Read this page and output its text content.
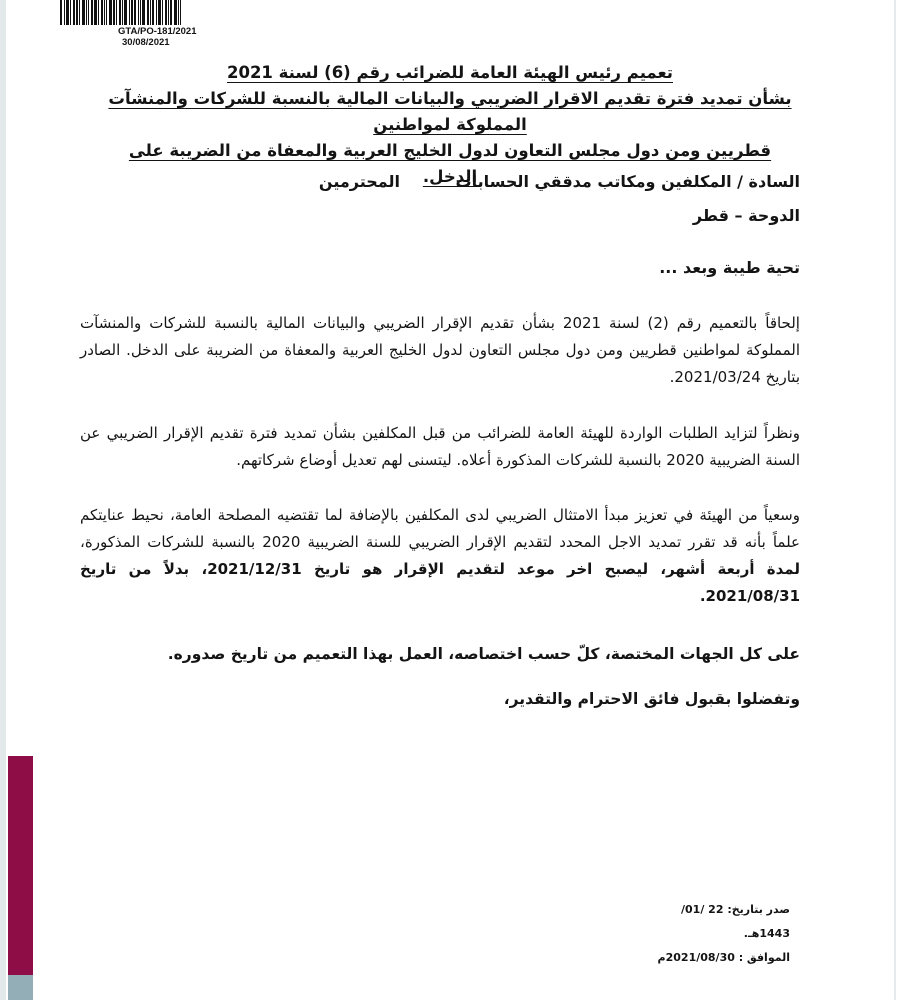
GTA/PO-181/2021
30/08/2021
تعميم رئيس الهيئة العامة للضرائب رقم (6) لسنة 2021
بشأن تمديد فترة تقديم الاقرار الضريبي والبيانات المالية بالنسبة للشركات والمنشآت المملوكة لمواطنين
قطريين ومن دول مجلس التعاون لدول الخليج العربية والمعفاة من الضريبة على الدخل.
السادة / المكلفين ومكاتب مدققي الحسابات
المحترمين
الدوحة – قطر
تحية طيبة وبعد ...
إلحاقاً بالتعميم رقم (2) لسنة 2021 بشأن تقديم الإقرار الضريبي والبيانات المالية بالنسبة للشركات والمنشآت المملوكة لمواطنين قطريين ومن دول مجلس التعاون لدول الخليج العربية والمعفاة من الضريبة على الدخل. الصادر بتاريخ 2021/03/24.
ونظراً لتزايد الطلبات الواردة للهيئة العامة للضرائب من قبل المكلفين بشأن تمديد فترة تقديم الإقرار الضريبي عن السنة الضريبية 2020 بالنسبة للشركات المذكورة أعلاه. ليتسنى لهم تعديل أوضاع شركاتهم.
وسعياً من الهيئة في تعزيز مبدأ الامتثال الضريبي لدى المكلفين بالإضافة لما تقتضيه المصلحة العامة، نحيط عنايتكم علماً بأنه قد تقرر تمديد الاجل المحدد لتقديم الإقرار الضريبي للسنة الضريبية 2020 بالنسبة للشركات المذكورة، لمدة أربعة أشهر، ليصبح اخر موعد لتقديم الإقرار هو تاريخ 2021/12/31، بدلاً من تاريخ 2021/08/31.
على كل الجهات المختصة، كلّ حسب اختصاصه، العمل بهذا التعميم من تاريخ صدوره.
وتفضلوا بقبول فائق الاحترام والتقدير،
صدر بتاريخ: 22 /01/ 1443هـ.
الموافق : 2021/08/30م
